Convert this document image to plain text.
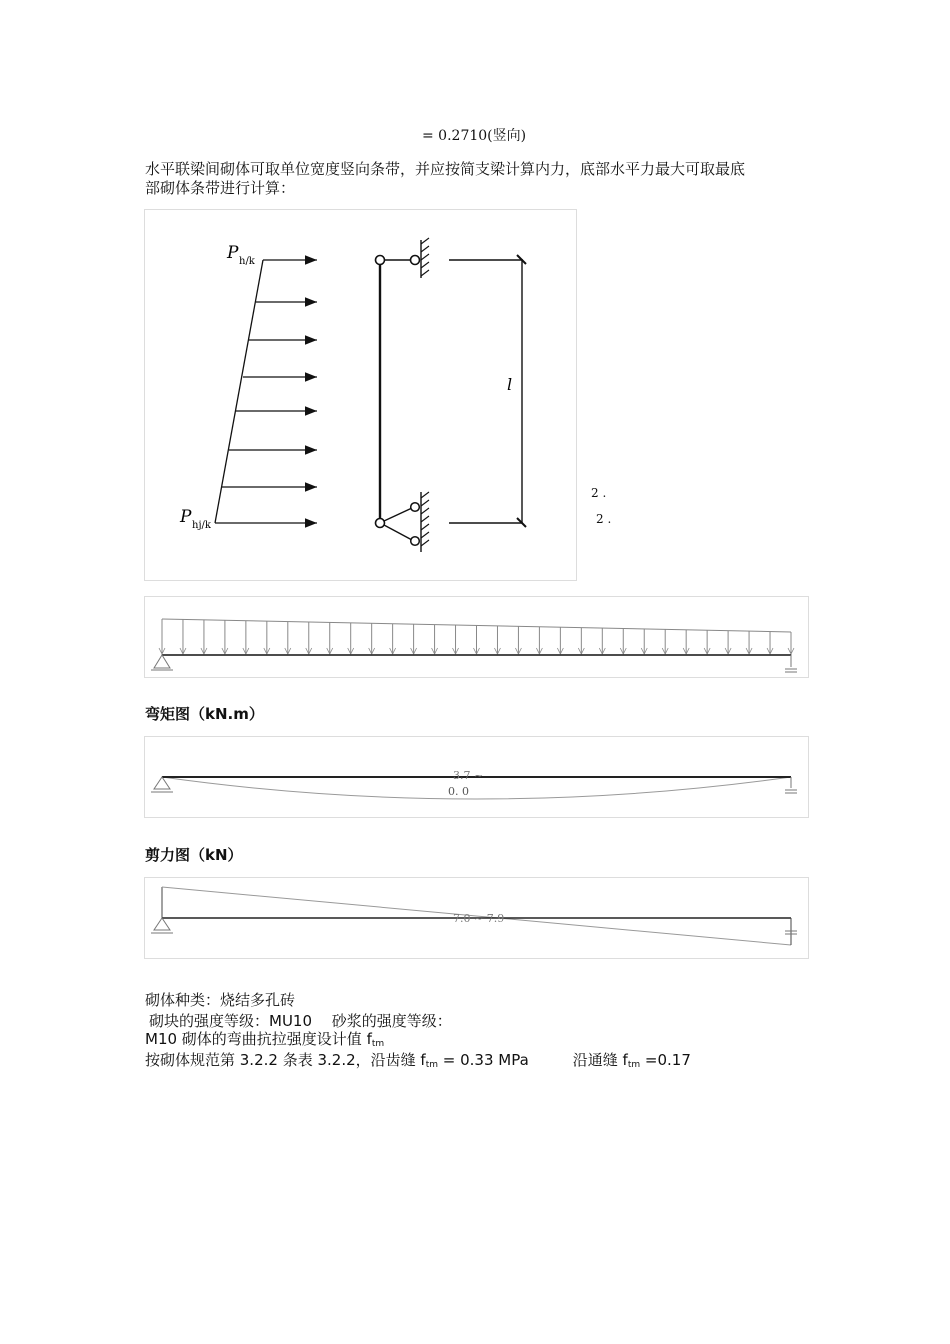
= 0.2710(竖向)
水平联梁间砌体可取单位宽度竖向条带，并应按简支梁计算内力，底部水平力最大可取最底
部砌体条带进行计算：
P h/k
P hj/k
l
2 .
2 .
弯矩图（kN.m）
3.7 ~
0. 0
剪力图（kN）
7.0 ~ 7.9
砌体种类：烧结多孔砖
砌块的强度等级：MU10　 砂浆的强度等级：
M10 砌体的弯曲抗拉强度设计值 $f_{tm}$
按砌体规范第 3.2.2 条表 3.2.2，沿齿缝 $f_{tm} = 0.33$ MPa	沿通缝 $f_{tm} =0.17$
